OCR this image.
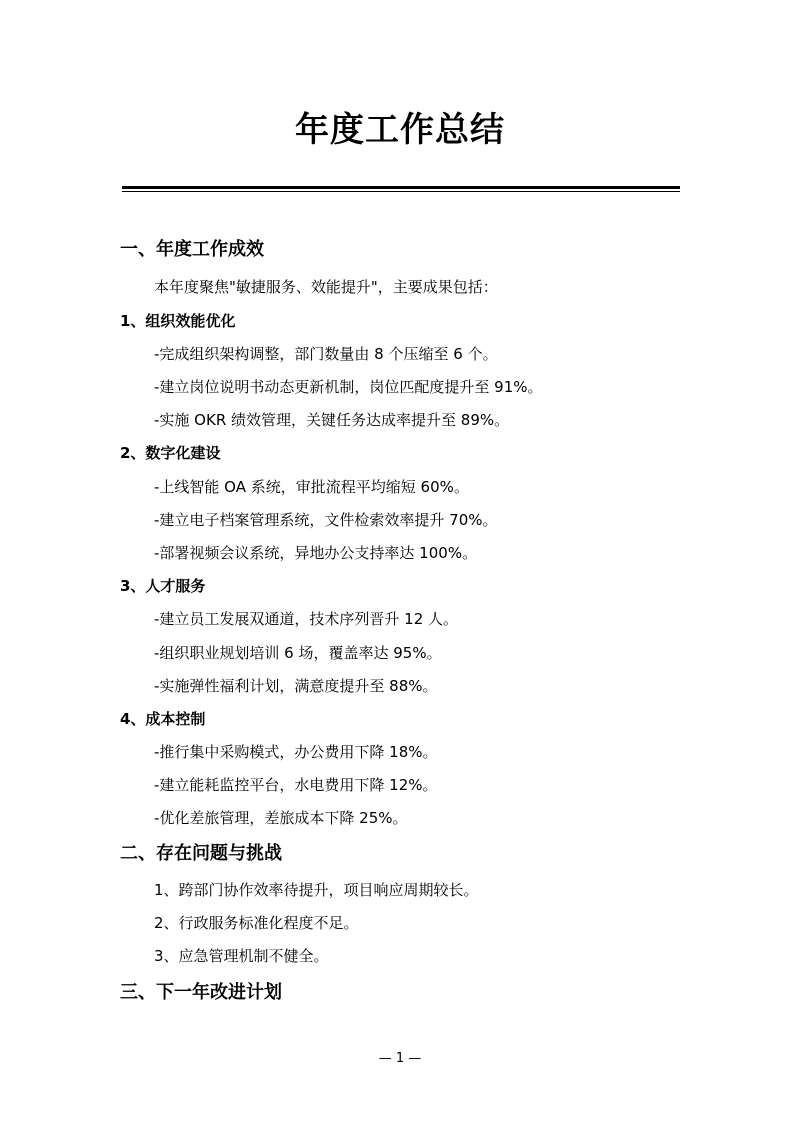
年度工作总结
一、年度工作成效
本年度聚焦"敏捷服务、效能提升"，主要成果包括：
1、组织效能优化
-完成组织架构调整，部门数量由 8 个压缩至 6 个。
-建立岗位说明书动态更新机制，岗位匹配度提升至 91%。
-实施 OKR 绩效管理，关键任务达成率提升至 89%。
2、数字化建设
-上线智能 OA 系统，审批流程平均缩短 60%。
-建立电子档案管理系统，文件检索效率提升 70%。
-部署视频会议系统，异地办公支持率达 100%。
3、人才服务
-建立员工发展双通道，技术序列晋升 12 人。
-组织职业规划培训 6 场，覆盖率达 95%。
-实施弹性福利计划，满意度提升至 88%。
4、成本控制
-推行集中采购模式，办公费用下降 18%。
-建立能耗监控平台，水电费用下降 12%。
-优化差旅管理，差旅成本下降 25%。
二、存在问题与挑战
1、跨部门协作效率待提升，项目响应周期较长。
2、行政服务标准化程度不足。
3、应急管理机制不健全。
三、下一年改进计划
— 1 —
